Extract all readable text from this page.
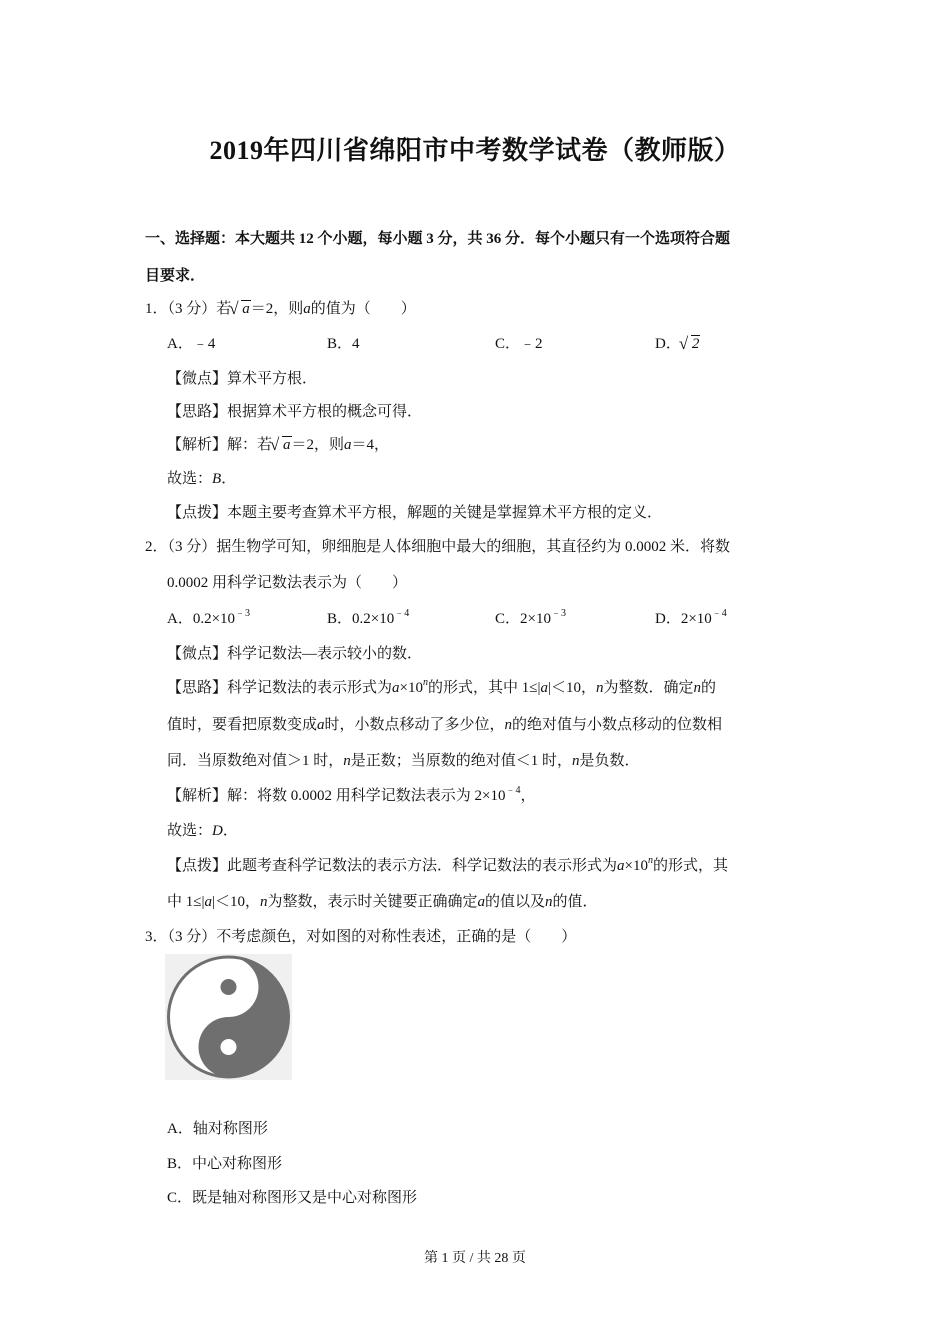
2019年四川省绵阳市中考数学试卷（教师版）
一、选择题：本大题共 12 个小题，每小题 3 分，共 36 分．每个小题只有一个选项符合题
目要求．
1．（3 分）若 √ a＝2，则a的值为（　　）
A．﹣4	B．4	C．﹣2	D． √ 2
【微点】算术平方根．
【思路】根据算术平方根的概念可得．
【解析】解：若 √ a＝2，则a＝4，
故选：B．
【点拨】本题主要考查算术平方根，解题的关键是掌握算术平方根的定义．
2．（3 分）据生物学可知，卵细胞是人体细胞中最大的细胞，其直径约为 0.0002 米．将数
0.0002 用科学记数法表示为（　　）
A．$0.2\times 10^{﹣3}$	B．$0.2\times 10^{﹣4}$	C．$2\times 10^{﹣3}$	D．$2\times 10^{﹣4}$
【微点】科学记数法—表示较小的数．
【思路】科学记数法的表示形式为$a\times 10^n$的形式，其中 1≤|a|＜10，n为整数．确定n的
值时，要看把原数变成a时，小数点移动了多少位，n的绝对值与小数点移动的位数相
同．当原数绝对值＞1 时，n是正数；当原数的绝对值＜1 时，n是负数．
【解析】解：将数 0.0002 用科学记数法表示为 $2\times 10^{﹣4}$，
故选：D．
【点拨】此题考查科学记数法的表示方法．科学记数法的表示形式为$a\times 10^n$的形式，其
中 1≤|a|＜10，n为整数，表示时关键要正确确定a的值以及n的值．
3．（3 分）不考虑颜色，对如图的对称性表述，正确的是（　　）
A．轴对称图形
B．中心对称图形
C．既是轴对称图形又是中心对称图形
第 1 页 / 共 28 页
